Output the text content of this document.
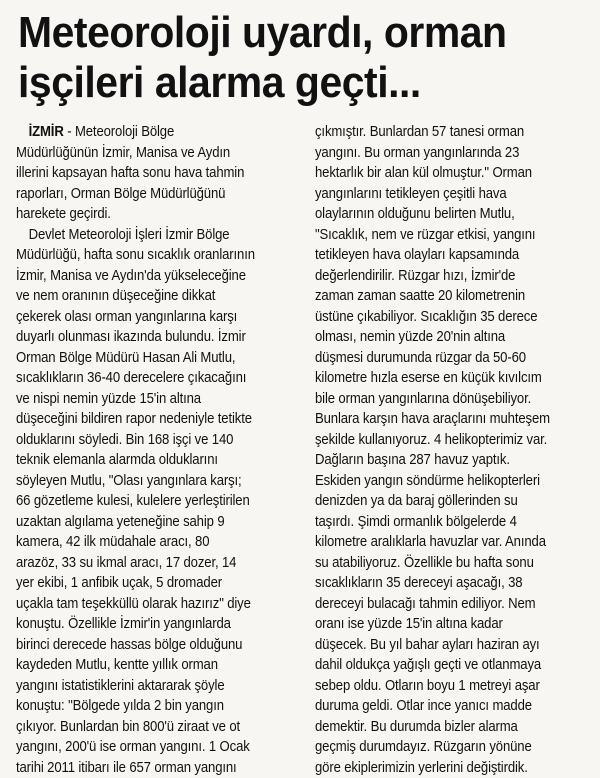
Meteoroloji uyardı, orman
işçileri alarma geçti...
İZMİR - Meteoroloji Bölge
Müdürlüğünün İzmir, Manisa ve Aydın
illerini kapsayan hafta sonu hava tahmin
raporları, Orman Bölge Müdürlüğünü
harekete geçirdi.
Devlet Meteoroloji İşleri İzmir Bölge
Müdürlüğü, hafta sonu sıcaklık oranlarının
İzmir, Manisa ve Aydın'da yükseleceğine
ve nem oranının düşeceğine dikkat
çekerek olası orman yangınlarına karşı
duyarlı olunması ikazında bulundu. İzmir
Orman Bölge Müdürü Hasan Ali Mutlu,
sıcaklıkların 36-40 derecelere çıkacağını
ve nispi nemin yüzde 15'in altına
düşeceğini bildiren rapor nedeniyle tetikte
olduklarını söyledi. Bin 168 işçi ve 140
teknik elemanla alarmda olduklarını
söyleyen Mutlu, "Olası yangınlara karşı;
66 gözetleme kulesi, kulelere yerleştirilen
uzaktan algılama yeteneğine sahip 9
kamera, 42 ilk müdahale aracı, 80
arazöz, 33 su ikmal aracı, 17 dozer, 14
yer ekibi, 1 anfibik uçak, 5 dromader
uçakla tam teşekküllü olarak hazırız" diye
konuştu. Özellikle İzmir'in yangınlarda
birinci derecede hassas bölge olduğunu
kaydeden Mutlu, kentte yıllık orman
yangını istatistiklerini aktararak şöyle
konuştu: "Bölgede yılda 2 bin yangın
çıkıyor. Bunlardan bin 800'ü ziraat ve ot
yangını, 200'ü ise orman yangını. 1 Ocak
tarihi 2011 itibarı ile 657 orman yangını
çıkmıştır. Bunlardan 57 tanesi orman
yangını. Bu orman yangınlarında 23
hektarlık bir alan kül olmuştur." Orman
yangınlarını tetikleyen çeşitli hava
olaylarının olduğunu belirten Mutlu,
"Sıcaklık, nem ve rüzgar etkisi, yangını
tetikleyen hava olayları kapsamında
değerlendirilir. Rüzgar hızı, İzmir'de
zaman zaman saatte 20 kilometrenin
üstüne çıkabiliyor. Sıcaklığın 35 derece
olması, nemin yüzde 20'nin altına
düşmesi durumunda rüzgar da 50-60
kilometre hızla eserse en küçük kıvılcım
bile orman yangınlarına dönüşebiliyor.
Bunlara karşın hava araçlarını muhteşem
şekilde kullanıyoruz. 4 helikopterimiz var.
Dağların başına 287 havuz yaptık.
Eskiden yangın söndürme helikopterleri
denizden ya da baraj göllerinden su
taşırdı. Şimdi ormanlık bölgelerde 4
kilometre aralıklarla havuzlar var. Anında
su atabiliyoruz. Özellikle bu hafta sonu
sıcaklıkların 35 dereceyi aşacağı, 38
dereceyi bulacağı tahmin ediliyor. Nem
oranı ise yüzde 15'in altına kadar
düşecek. Bu yıl bahar ayları haziran ayı
dahil oldukça yağışlı geçti ve otlanmaya
sebep oldu. Otların boyu 1 metreyi aşar
duruma geldi. Otlar ince yanıcı madde
demektir. Bu durumda bizler alarma
geçmiş durumdayız. Rüzgarın yönüne
göre ekiplerimizin yerlerini değiştirdik.
